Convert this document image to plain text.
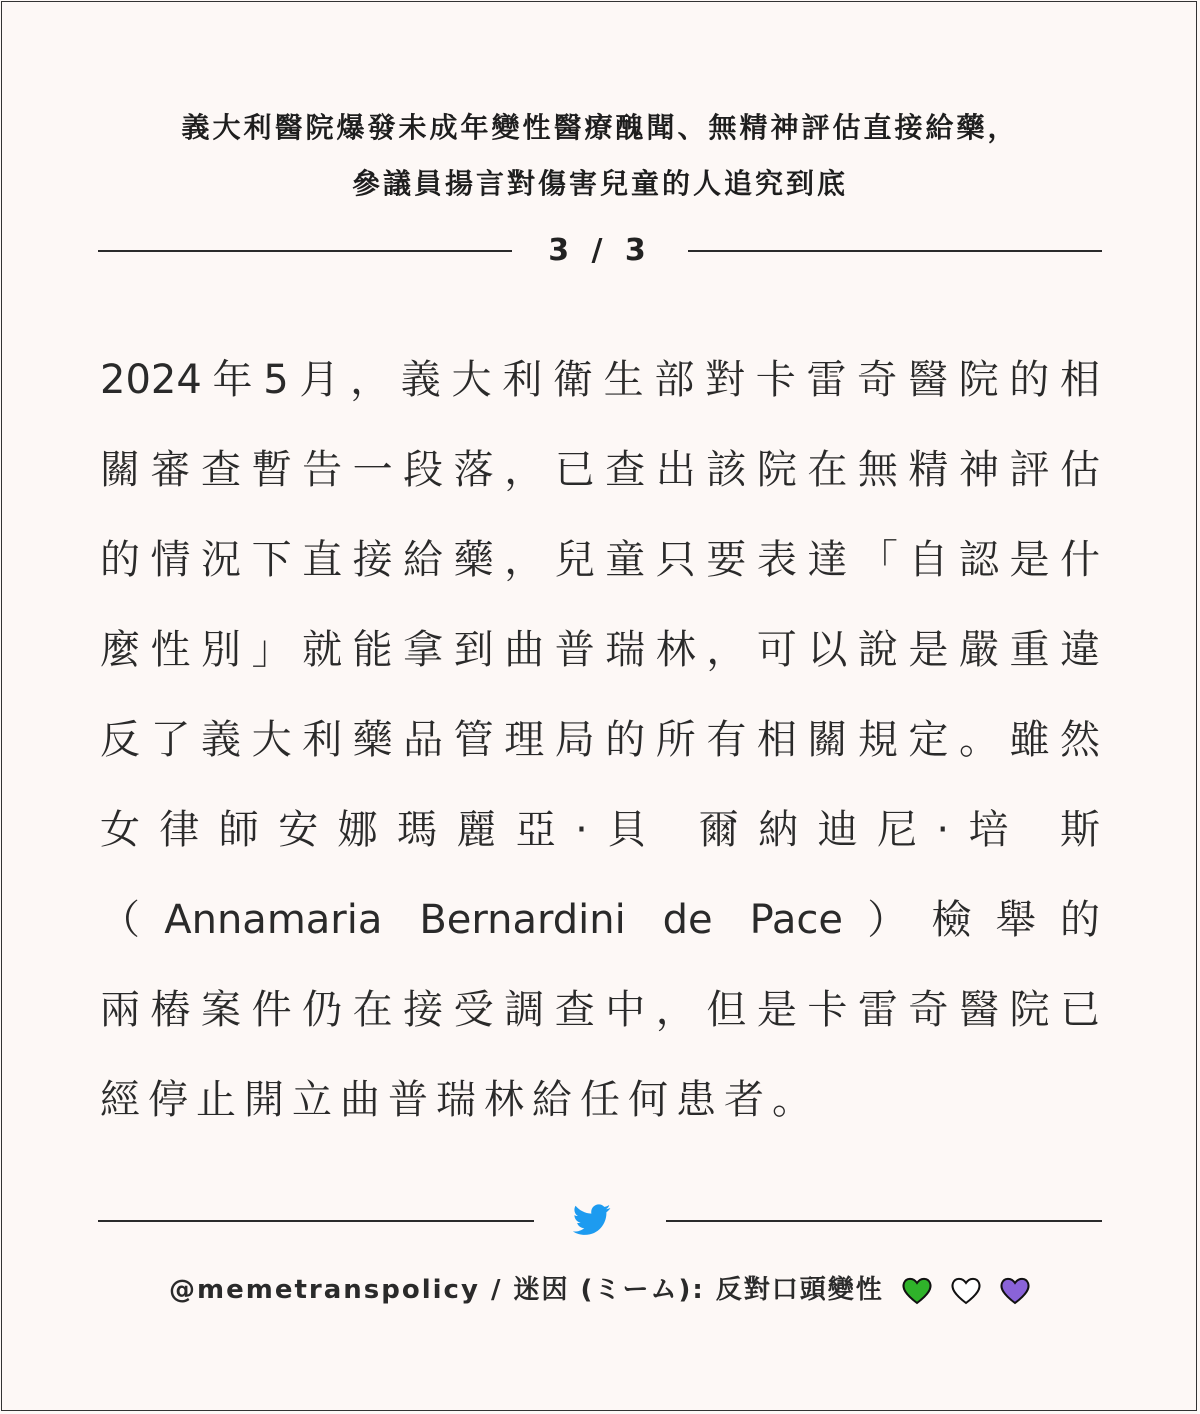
義大利醫院爆發未成年變性醫療醜聞、無精神評估直接給藥，
參議員揚言對傷害兒童的人追究到底
3 / 3
2024年5月，義大利衛生部對卡雷奇醫院的相
關審查暫告一段落，已查出該院在無精神評估
的情況下直接給藥，兒童只要表達「自認是什
麼性別」就能拿到曲普瑞林，可以說是嚴重違
反了義大利藥品管理局的所有相關規定。雖然
女律師安娜瑪麗亞·貝 爾納迪尼·培 斯
（Annamaria Bernardini de Pace）檢舉的
兩樁案件仍在接受調查中，但是卡雷奇醫院已
經停止開立曲普瑞林給任何患者。
@memetranspolicy / 迷因 (ミーム): 反對口頭變性
